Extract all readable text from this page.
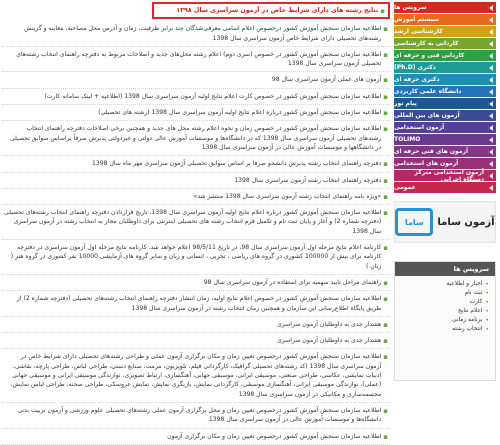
▪
نتایج رشته های دارای شرایط خاص در آزمون سراسری سال ۱۳۹۸
▪
اطلاعیه سازمان سنجش آموزش کشور درخصوص اعلام اسامی معرفی‌شدگان چند برابر ظرفیت، زمان و آدرس محل مصاحبه، معاینه و گزینش رشته‌های تحصیلی دارای شرایط خاص آزمون سراسری سال 1398
▪
اطلاعیه سازمان سنجش آموزش کشور در خصوص (سری دوم) اعلام رشته محل‌های جدید و اصلاحات مربوط به دفترچه راهنمای انتخاب رشته‌های تحصیلی آزمون سراسری سال 1398
▪
آزمون های عملی آزمون سراسری سال 98
▪
اطلاعیه سازمان سنجش آموزش کشور در خصوص کارت اعلام نتایج اولیه آزمون سراسری سال 1398 (اطلاعیه + لینک سامانه کارت)
▪
اطلاعیه سازمان سنجش آموزش کشور درباره اعلام نتایج اولیه آزمون سراسری سال 1398 (رشته های تحصیلی)
▪
اطلاعیه سازمان سنجش آموزش کشور در خصوص زمان و نحوه اعلام رشته محل های جدید و همچنین برخی اصلاحات دفترچه راهنمای انتخاب رشته‌های تحصیلی آزمون سراسری سال 1398 که در دانشگاه‌ها و موسسات آموزش عالی دولتی و غیردولتی پذیرش صرفاً براساس سوابق تحصیلی در دانشگاهها و موسسات آموزش عالی در آزمون سراسری سال 1398
▪
دفترچه راهنمای انتخاب رشته پذیرش دانشجو صرفا بر اساس سوابق تحصیلی آزمون سراسری مهر ماه سال 1398
▪
دفترچه راهنمای انتخاب رشته آزمون سراسری سال 1398
▪
«ویژه نامه راهنمای انتخاب رشته آزمون سراسری سال 1398 منتشر شد»
▪
اطلاعیه سازمان سنجش آموزش کشور درباره اعلام نتایج اولیه آزمون سراسری سال 1398. تاریخ قراردادن دفترچه راهنمای انتخاب رشته‌های تحصیلی (دفترچه شماره 2) و آغاز و پایان ثبت نام و تکمیل فرم انتخاب رشته های تحصیلی اینترنتی برای داوطلبان مجاز به انتخاب رشته در آزمون سراسری سال 1398
▪
کارنامه اعلام نتایج مرحله اول آزمون سراسری سال 98، در تاریخ 98/5/11 اعلام خواهد شد. کارنامه نتایج مرحله اول آزمون سراسری در دفترچه کارنامه برای بیش از 100000 کشوری در گروه های ریاضی ، تجربی ، انسانی و زبان و سایر گروه های آزمایشی 10000 نفر کشوری در گروه هنر ( زبان )
▪
راهنمای مراحل تایید سهمیه برای استفاده در آزمون سراسری سال 98
▪
اطلاعیه سازمان سنجش آموزش کشور در خصوص اعلام نتایج اولیه، زمان انتشار دفترچه راهنمای انتخاب رشته‌های تحصیلی (دفترچه شماره 2) از طریق پایگاه اطلاع‌رسانی این سازمان و همچنین زمان انتخاب رشته در آزمون سراسری سال 1398
▪
هشدار جدی به داوطلبان آزمون سراسری
▪
هشدار جدی به داوطلبان آزمون سراسری
▪
اطلاعیه سازمان سنجش آموزش کشور درخصوص تعیین زمان و مکان برگزاری آزمون عملی و طراحی رشته‌های تحصیلی دارای شرایط خاص در آزمون سراسری سال 1398 (کد رشته‌های تحصیلی گرافیک، کارگردانی فیلم، تلویزیون، مرمت، صنایع دستی، طراحی لباس، طراحی پارچه، نقاشی، ادبیات نمایشی، عکاسی، طراحی صنعتی، موسیقی ایرانی، موسیقی جهانی، آهنگسازی، ارتباط تصویری، نوازندگی موسیقی ایرانی و موسیقی جهانی (عملی)، نوازندگی موسیقی ایرانی، آهنگسازی موسیقی، کارگردانی نمایش، بازیگری نمایش، نمایش عروسکی، طراحی صحنه، طراحی لباس نمایش، مجسمه‌سازی و مکانیکی در آزمون سراسری سال 1398
▪
اطلاعیه سازمان سنجش آموزش کشور درخصوص تعیین زمان و محل برگزاری آزمون عملی رشته‌های تحصیلی علوم ورزشی و آزمون تربیت بدنی دانشگاه‌ها و موسسات آموزش عالی در آزمون سراسری سال 1398
▪
اطلاعیه سازمان سنجش آموزش کشور درخصوص تعیین زمان و مکان برگزاری آزمون
سرویس ها
سیستم آموزش
کارشناسی ارشد
کاردانی به کارشناسی
کاردانی فنی و حرفه ای
دکتری (Ph.D)
دکتری حرفه ای
دانشگاه علمی کاربردی
پیام نور
آزمون های بین المللی
آزمون استخدامی
TOLIMO
آزمون های فنی حرفه ای
آزمون های استخدامی
آزمون استخدامی مترکز دستگاه اجرایی
عمومی
ساما	آزمون ساما
سرویس ها
•
اخبار و اطلاعیه
•
ثبت نام
•
کارت
•
اعلام نتایج
•
برنامه زمانی
•
انتخاب رشته
